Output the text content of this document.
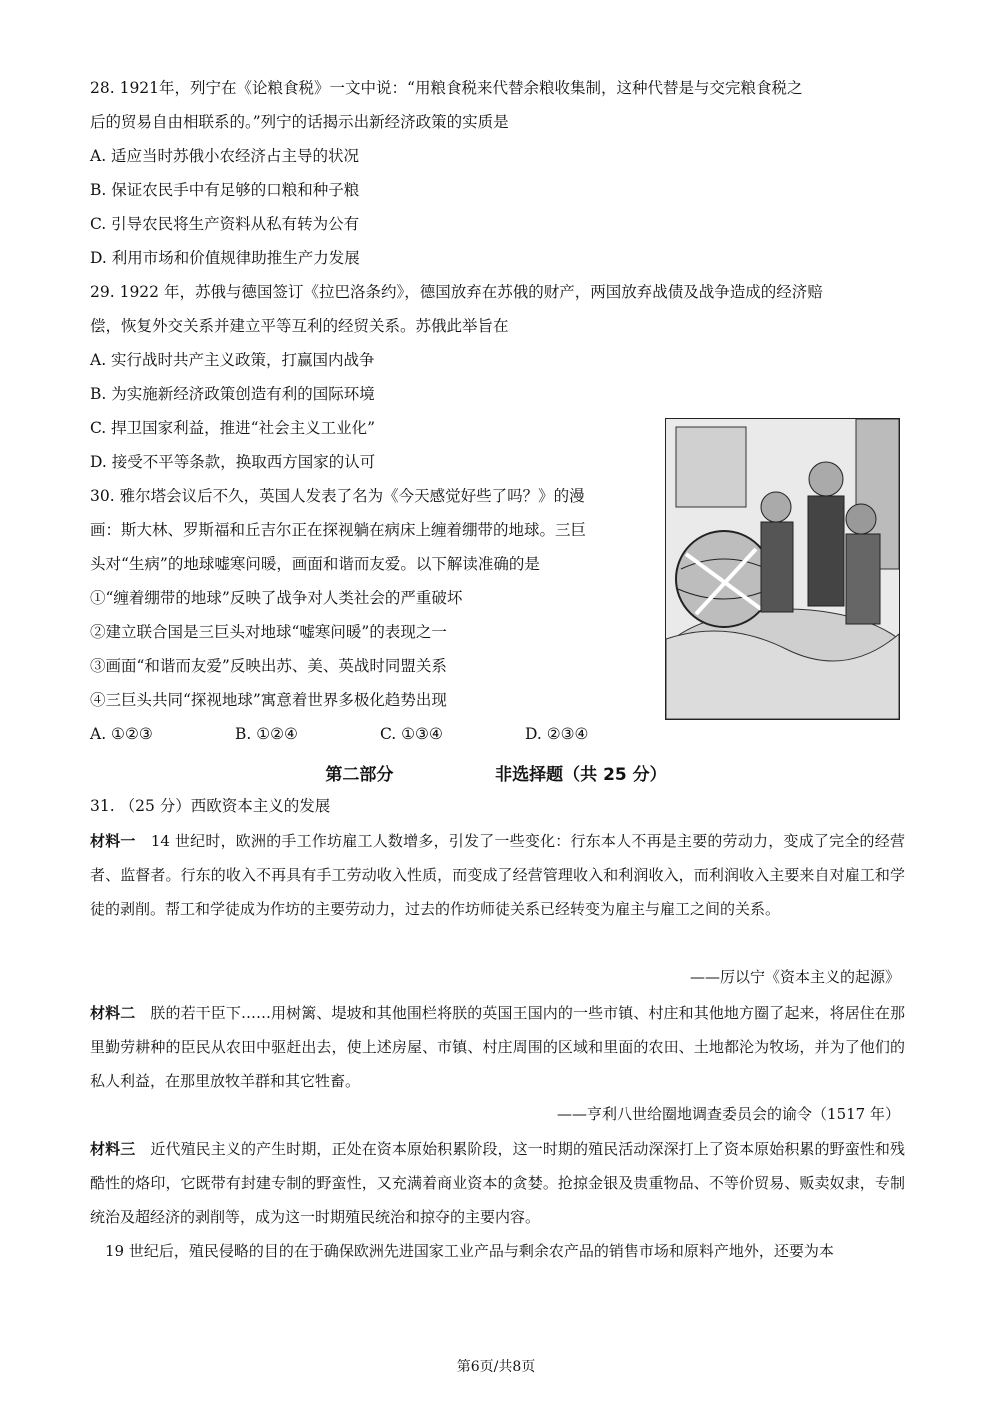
28. 1921年，列宁在《论粮食税》一文中说：“用粮食税来代替余粮收集制，这种代替是与交完粮食税之
后的贸易自由相联系的。”列宁的话揭示出新经济政策的实质是
A. 适应当时苏俄小农经济占主导的状况
B. 保证农民手中有足够的口粮和种子粮
C. 引导农民将生产资料从私有转为公有
D. 利用市场和价值规律助推生产力发展
29. 1922 年，苏俄与德国签订《拉巴洛条约》，德国放弃在苏俄的财产，两国放弃战债及战争造成的经济赔
偿，恢复外交关系并建立平等互利的经贸关系。苏俄此举旨在
A. 实行战时共产主义政策，打赢国内战争
B. 为实施新经济政策创造有利的国际环境
C. 捍卫国家利益，推进“社会主义工业化”
D. 接受不平等条款，换取西方国家的认可
30. 雅尔塔会议后不久，英国人发表了名为《今天感觉好些了吗？》的漫
画：斯大林、罗斯福和丘吉尔正在探视躺在病床上缠着绷带的地球。三巨
头对“生病”的地球嘘寒问暖，画面和谐而友爱。以下解读准确的是
①“缠着绷带的地球”反映了战争对人类社会的严重破坏
②建立联合国是三巨头对地球“嘘寒问暖”的表现之一
③画面“和谐而友爱”反映出苏、美、英战时同盟关系
④三巨头共同“探视地球”寓意着世界多极化趋势出现
A. ①②③	B. ①②④	C. ①③④	D. ②③④
第二部分	非选择题（共 25 分）
31. （25 分）西欧资本主义的发展
材料一　14 世纪时，欧洲的手工作坊雇工人数增多，引发了一些变化：行东本人不再是主要的劳动力，变成了完全的经营者、监督者。行东的收入不再具有手工劳动收入性质，而变成了经营管理收入和利润收入，而利润收入主要来自对雇工和学徒的剥削。帮工和学徒成为作坊的主要劳动力，过去的作坊师徒关系已经转变为雇主与雇工之间的关系。
——厉以宁《资本主义的起源》
材料二　朕的若干臣下……用树篱、堤坡和其他围栏将朕的英国王国内的一些市镇、村庄和其他地方圈了起来，将居住在那里勤劳耕种的臣民从农田中驱赶出去，使上述房屋、市镇、村庄周围的区域和里面的农田、土地都沦为牧场，并为了他们的私人利益，在那里放牧羊群和其它牲畜。
——亨利八世给圈地调查委员会的谕令（1517 年）
材料三　近代殖民主义的产生时期，正处在资本原始积累阶段，这一时期的殖民活动深深打上了资本原始积累的野蛮性和残酷性的烙印，它既带有封建专制的野蛮性，又充满着商业资本的贪婪。抢掠金银及贵重物品、不等价贸易、贩卖奴隶，专制统治及超经济的剥削等，成为这一时期殖民统治和掠夺的主要内容。
19 世纪后，殖民侵略的目的在于确保欧洲先进国家工业产品与剩余农产品的销售市场和原料产地外，还要为本
第6页/共8页
